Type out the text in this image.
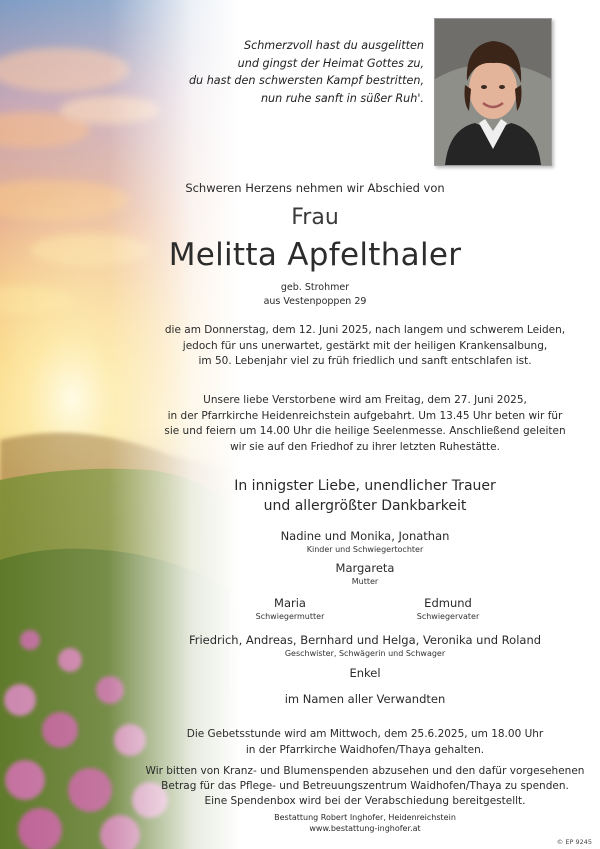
Schmerzvoll hast du ausgelitten
und gingst der Heimat Gottes zu,
du hast den schwersten Kampf bestritten,
nun ruhe sanft in süßer Ruh'.
Schweren Herzens nehmen wir Abschied von
Frau
Melitta Apfelthaler
geb. Strohmer
aus Vestenpoppen 29
die am Donnerstag, dem 12. Juni 2025, nach langem und schwerem Leiden,
jedoch für uns unerwartet, gestärkt mit der heiligen Krankensalbung,
im 50. Lebenjahr viel zu früh friedlich und sanft entschlafen ist.
Unsere liebe Verstorbene wird am Freitag, dem 27. Juni 2025,
in der Pfarrkirche Heidenreichstein aufgebahrt. Um 13.45 Uhr beten wir für
sie und feiern um 14.00 Uhr die heilige Seelenmesse. Anschließend geleiten
wir sie auf den Friedhof zu ihrer letzten Ruhestätte.
In innigster Liebe, unendlicher Trauer
und allergrößter Dankbarkeit
Nadine und Monika, Jonathan
Kinder und Schwiegertochter
Margareta
Mutter
Maria
Schwiegermutter
Edmund
Schwiegervater
Friedrich, Andreas, Bernhard und Helga, Veronika und Roland
Geschwister, Schwägerin und Schwager
Enkel
im Namen aller Verwandten
Die Gebetsstunde wird am Mittwoch, dem 25.6.2025, um 18.00 Uhr
in der Pfarrkirche Waidhofen/Thaya gehalten.
Wir bitten von Kranz- und Blumenspenden abzusehen und den dafür vorgesehenen
Betrag für das Pflege- und Betreuungszentrum Waidhofen/Thaya zu spenden.
Eine Spendenbox wird bei der Verabschiedung bereitgestellt.
Bestattung Robert Inghofer, Heidenreichstein
www.bestattung-inghofer.at
© EP 9245
